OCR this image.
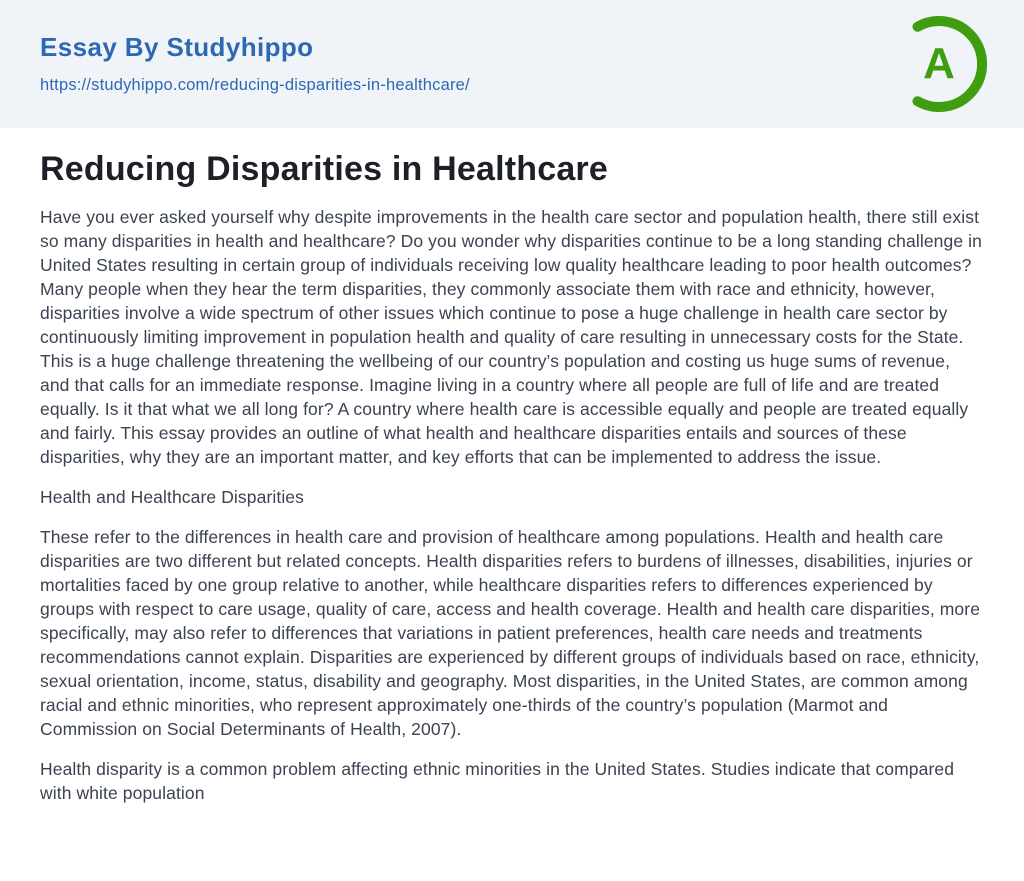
Essay By Studyhippo
https://studyhippo.com/reducing-disparities-in-healthcare/	A
Reducing Disparities in Healthcare

Have you ever asked yourself why despite improvements in the health care sector and population health, there still exist so many disparities in health and healthcare? Do you wonder why disparities continue to be a long standing challenge in United States resulting in certain group of individuals receiving low quality healthcare leading to poor health outcomes? Many people when they hear the term disparities, they commonly associate them with race and ethnicity, however, disparities involve a wide spectrum of other issues which continue to pose a huge challenge in health care sector by continuously limiting improvement in population health and quality of care resulting in unnecessary costs for the State. This is a huge challenge threatening the wellbeing of our country’s population and costing us huge sums of revenue, and that calls for an immediate response. Imagine living in a country where all people are full of life and are treated equally. Is it that what we all long for? A country where health care is accessible equally and people are treated equally and fairly. This essay provides an outline of what health and healthcare disparities entails and sources of these disparities, why they are an important matter, and key efforts that can be implemented to address the issue.

Health and Healthcare Disparities

These refer to the differences in health care and provision of healthcare among populations. Health and health care disparities are two different but related concepts. Health disparities refers to burdens of illnesses, disabilities, injuries or mortalities faced by one group relative to another, while healthcare disparities refers to differences experienced by groups with respect to care usage, quality of care, access and health coverage. Health and health care disparities, more specifically, may also refer to differences that variations in patient preferences, health care needs and treatments recommendations cannot explain. Disparities are experienced by different groups of individuals based on race, ethnicity, sexual orientation, income, status, disability and geography. Most disparities, in the United States, are common among racial and ethnic minorities, who represent approximately one-thirds of the country’s population (Marmot and Commission on Social Determinants of Health, 2007).

Health disparity is a common problem affecting ethnic minorities in the United States. Studies indicate that compared with white population
